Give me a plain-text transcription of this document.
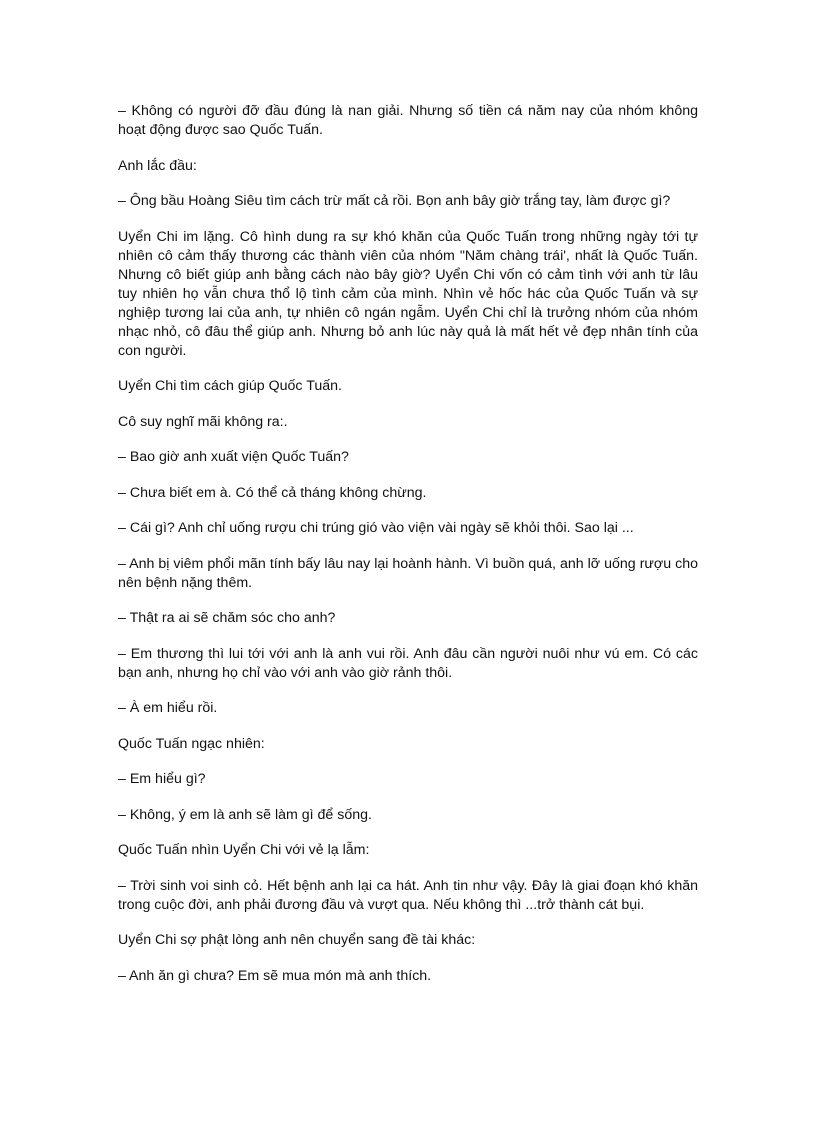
– Không có người đỡ đầu đúng là nan giải. Nhưng số tiền cá năm nay của nhóm không hoạt động được sao Quốc Tuấn.

Anh lắc đầu:

– Ông bầu Hoàng Siêu tìm cách trừ mất cả rồi. Bọn anh bây giờ trắng tay, làm được gì?

Uyển Chi im lặng. Cô hình dung ra sự khó khăn của Quốc Tuấn trong những ngày tới tự nhiên cô cảm thấy thương các thành viên của nhóm "Năm chàng trái', nhất là Quốc Tuấn. Nhưng cô biết giúp anh bằng cách nào bây giờ? Uyển Chi vốn có cảm tình với anh từ lâu tuy nhiên họ vẫn chưa thổ lộ tình cảm của mình. Nhìn vẻ hốc hác của Quốc Tuấn và sự nghiệp tương lai của anh, tự nhiên cô ngán ngẫm. Uyển Chi chỉ là trưởng nhóm của nhóm nhạc nhỏ, cô đâu thể giúp anh. Nhưng bỏ anh lúc này quả là mất hết vẻ đẹp nhân tính của con người.

Uyển Chi tìm cách giúp Quốc Tuấn.

Cô suy nghĩ mãi không ra:.

– Bao giờ anh xuất viện Quốc Tuấn?

– Chưa biết em à. Có thể cả tháng không chừng.

– Cái gì? Anh chỉ uống rượu chi trúng gió vào viện vài ngày sẽ khỏi thôi. Sao lại ...

– Anh bị viêm phổi mãn tính bấy lâu nay lại hoành hành. Vì buồn quá, anh lỡ uống rượu cho nên bệnh nặng thêm.

– Thật ra ai sẽ chăm sóc cho anh?

– Em thương thì lui tới với anh là anh vui rồi. Anh đâu cần người nuôi như vú em. Có các bạn anh, nhưng họ chỉ vào với anh vào giờ rảnh thôi.

– À em hiểu rồi.

Quốc Tuấn ngạc nhiên:

– Em hiểu gì?

– Không, ý em là anh sẽ làm gì để sống.

Quốc Tuấn nhìn Uyển Chi với vẻ lạ lẫm:

– Trời sinh voi sinh cỏ. Hết bệnh anh lại ca hát. Anh tin như vậy. Đây là giai đoạn khó khăn trong cuộc đời, anh phải đương đầu và vượt qua. Nếu không thì ...trở thành cát bụi.

Uyển Chi sợ phật lòng anh nên chuyển sang đề tài khác:

– Anh ăn gì chưa? Em sẽ mua món mà anh thích.
